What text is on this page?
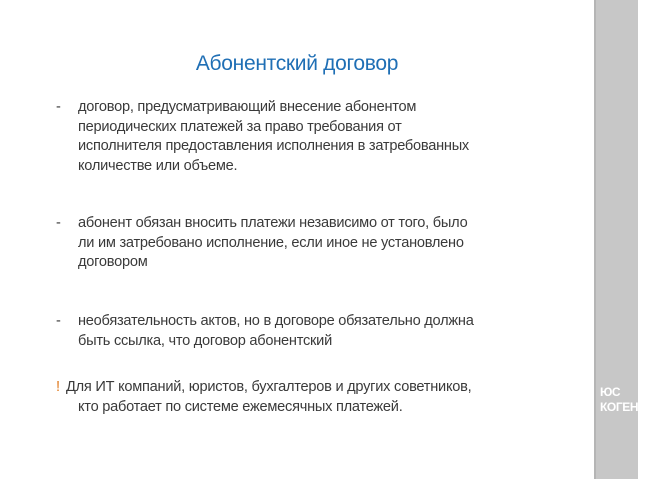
Абонентский договор
-	договор, предусматривающий внесение абонентом
периодических платежей за право требования от
исполнителя предоставления исполнения в затребованных
количестве или объеме.
-	абонент обязан вносить платежи независимо от того, было
ли им затребовано исполнение, если иное не установлено
договором
-	необязательность актов, но в договоре обязательно должна
быть ссылка, что договор абонентский
! Для ИТ компаний, юристов, бухгалтеров и других советников,
кто работает по системе ежемесячных платежей.
ЮС
КОГЕНС I
